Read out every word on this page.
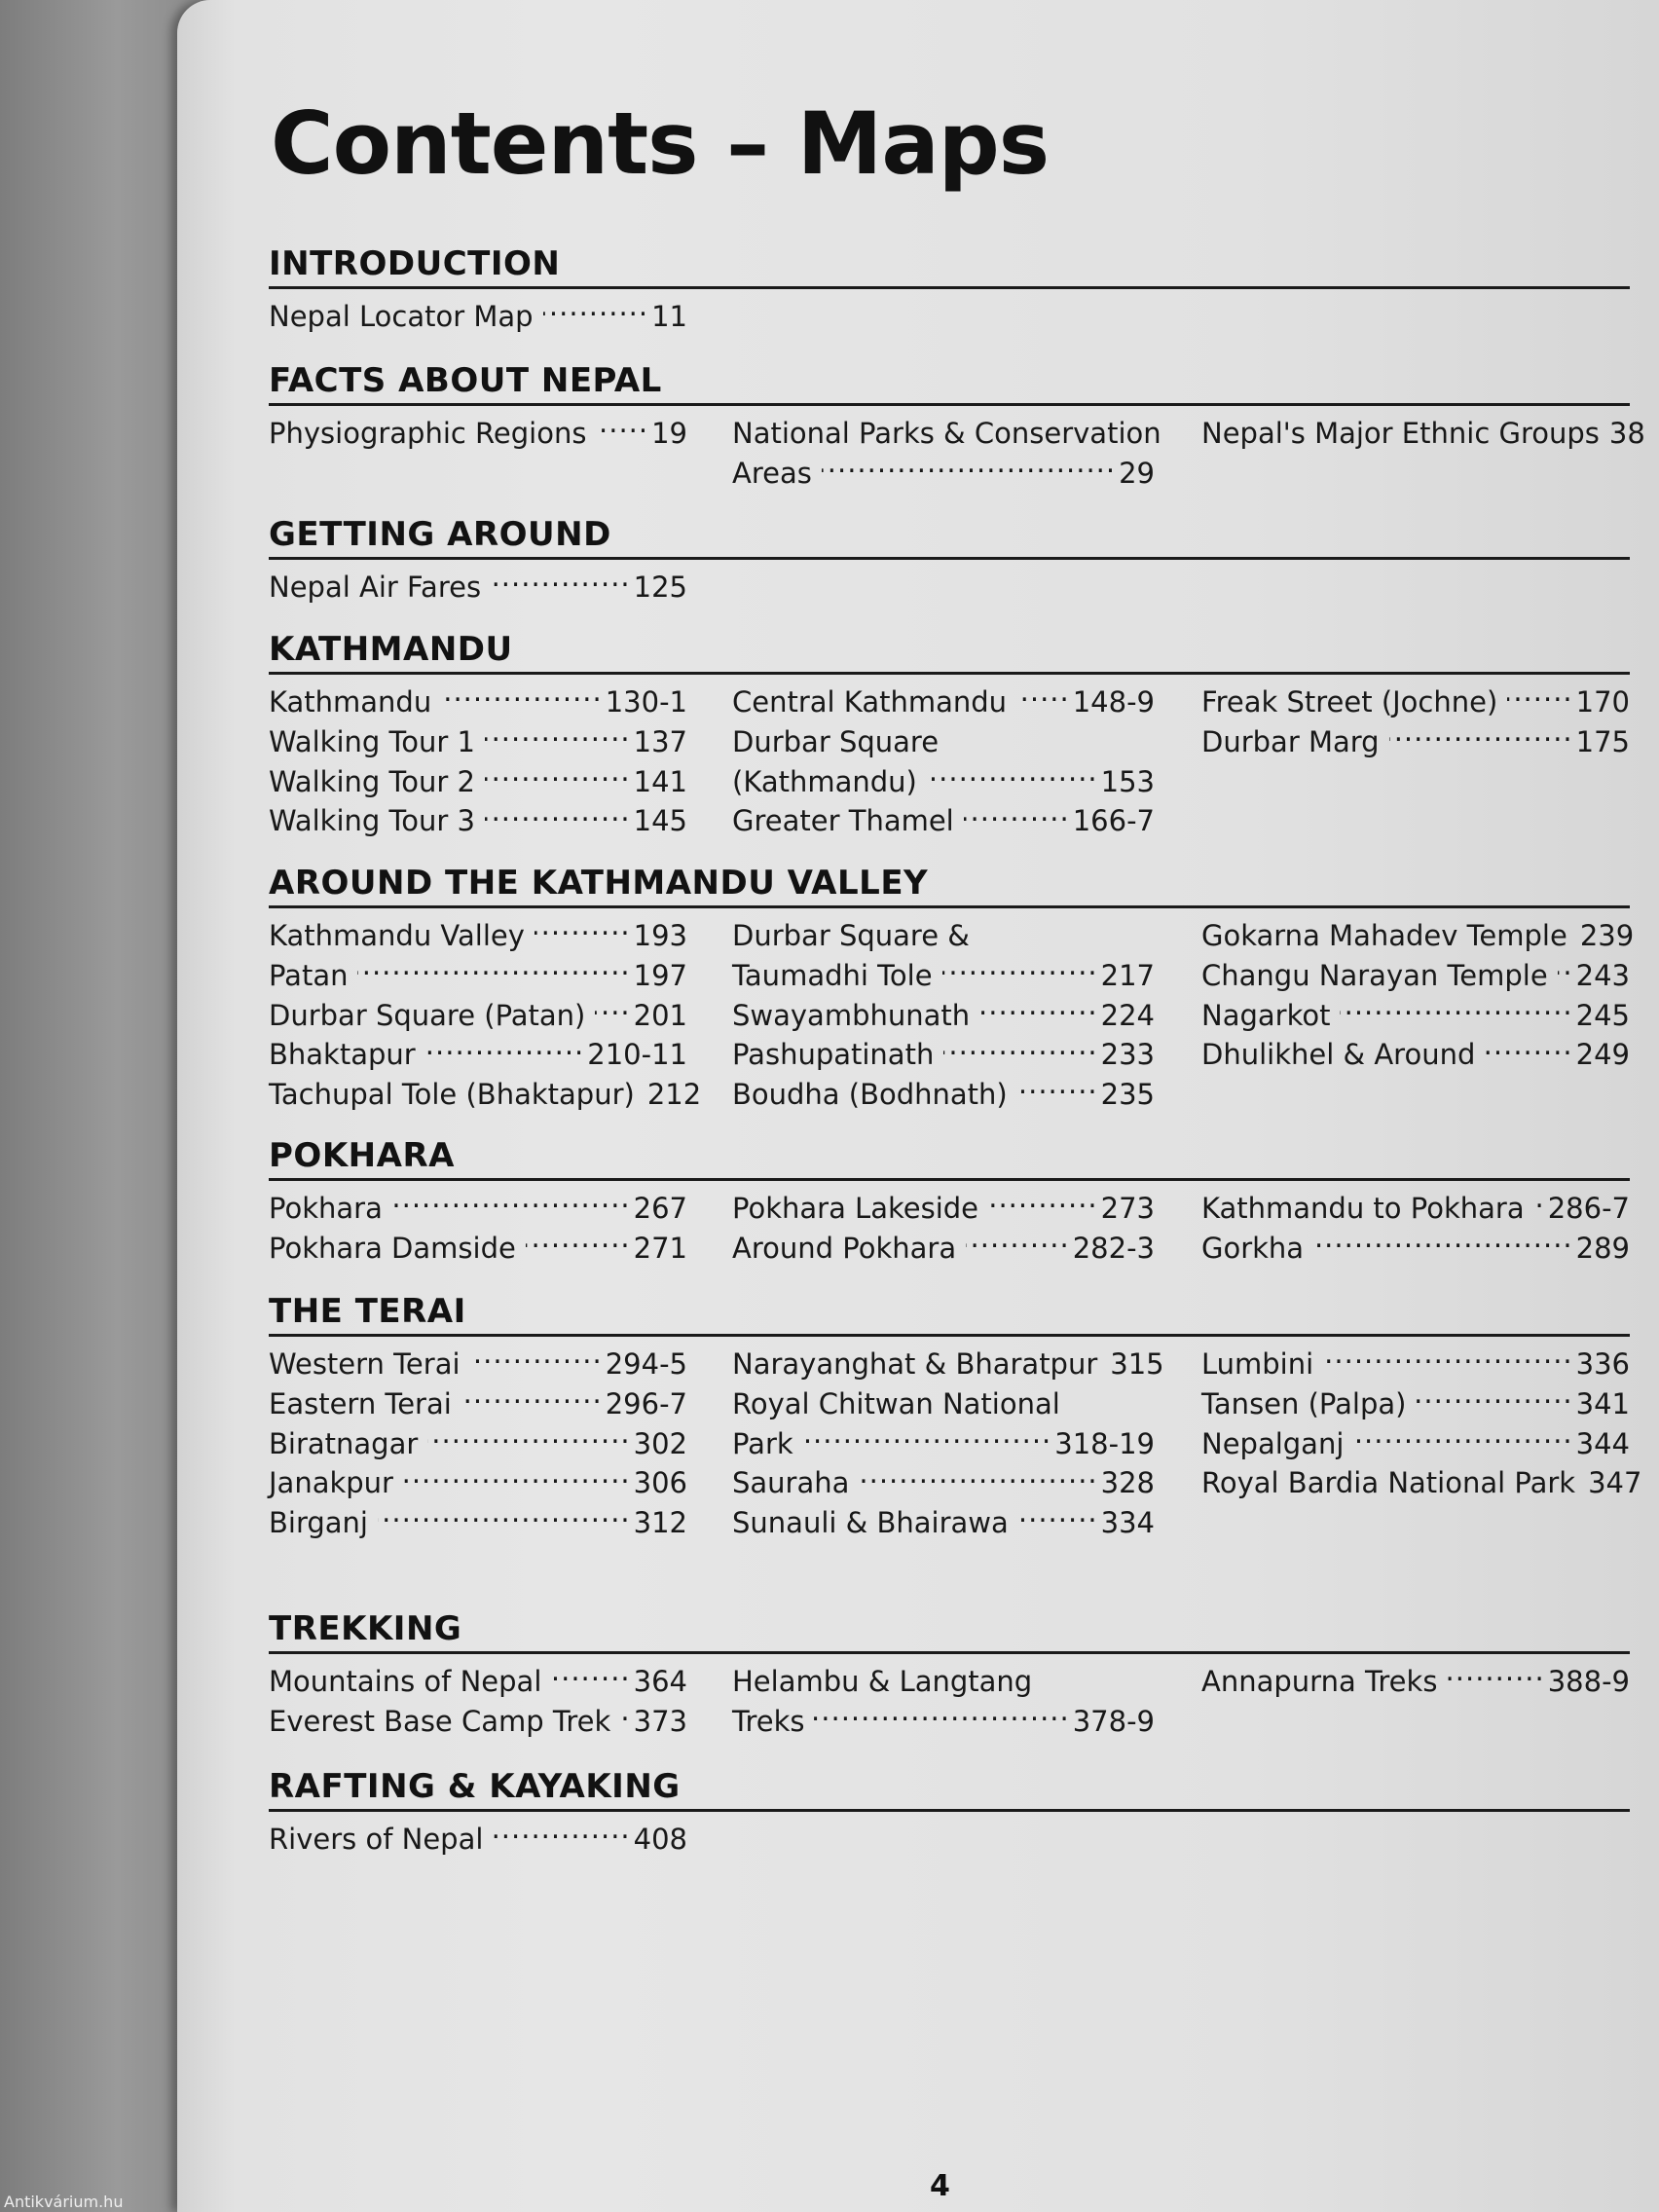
Contents – Maps
INTRODUCTION
Nepal Locator Map .....	11
FACTS ABOUT NEPAL
Physiographic Regions ..... 19 National Parks & Conservation
Areas .....	29
Nepal's Major Ethnic Groups 38
GETTING AROUND
Nepal Air Fares .....	125
KATHMANDU
Kathmandu .....	130-1
Walking Tour 1 .....	137
Walking Tour 2 .....	141
Walking Tour 3 .....	145
Central Kathmandu ..... 148-9
Durbar Square
(Kathmandu) .....	153
Greater Thamel .....	166-7
Freak Street (Jochne) .....	170
Durbar Marg .....	175
AROUND THE KATHMANDU VALLEY
Kathmandu Valley .....	193
Patan .....	197
Durbar Square (Patan) ..... 201
Bhaktapur .....	210-11
Tachupal Tole (Bhaktapur) 212
Durbar Square &
Taumadhi Tole .....	217
Swayambhunath .....	224
Pashupatinath .....	233
Boudha (Bodhnath) .....	235
Gokarna Mahadev Temple 239
Changu Narayan Temple ..... 243
Nagarkot .....	245
Dhulikhel & Around .....	249
POKHARA
Pokhara .....	267
Pokhara Damside .....	271
Pokhara Lakeside .....	273
Around Pokhara .....	282-3
Kathmandu to Pokhara ..... 286-7
Gorkha .....	289
THE TERAI
Western Terai .....	294-5
Eastern Terai .....	296-7
Biratnagar .....	302
Janakpur .....	306
Birganj .....	312
Narayanghat & Bharatpur 315
Royal Chitwan National
Park .....	318-19
Sauraha .....	328
Sunauli & Bhairawa .....	334
Lumbini .....	336
Tansen (Palpa) .....	341
Nepalganj .....	344
Royal Bardia National Park 347
TREKKING
Mountains of Nepal .....	364
Everest Base Camp Trek ..... 373
Helambu & Langtang
Treks .....	378-9
Annapurna Treks .....	388-9
RAFTING & KAYAKING
Rivers of Nepal .....	408
4
Antikvárium.hu
